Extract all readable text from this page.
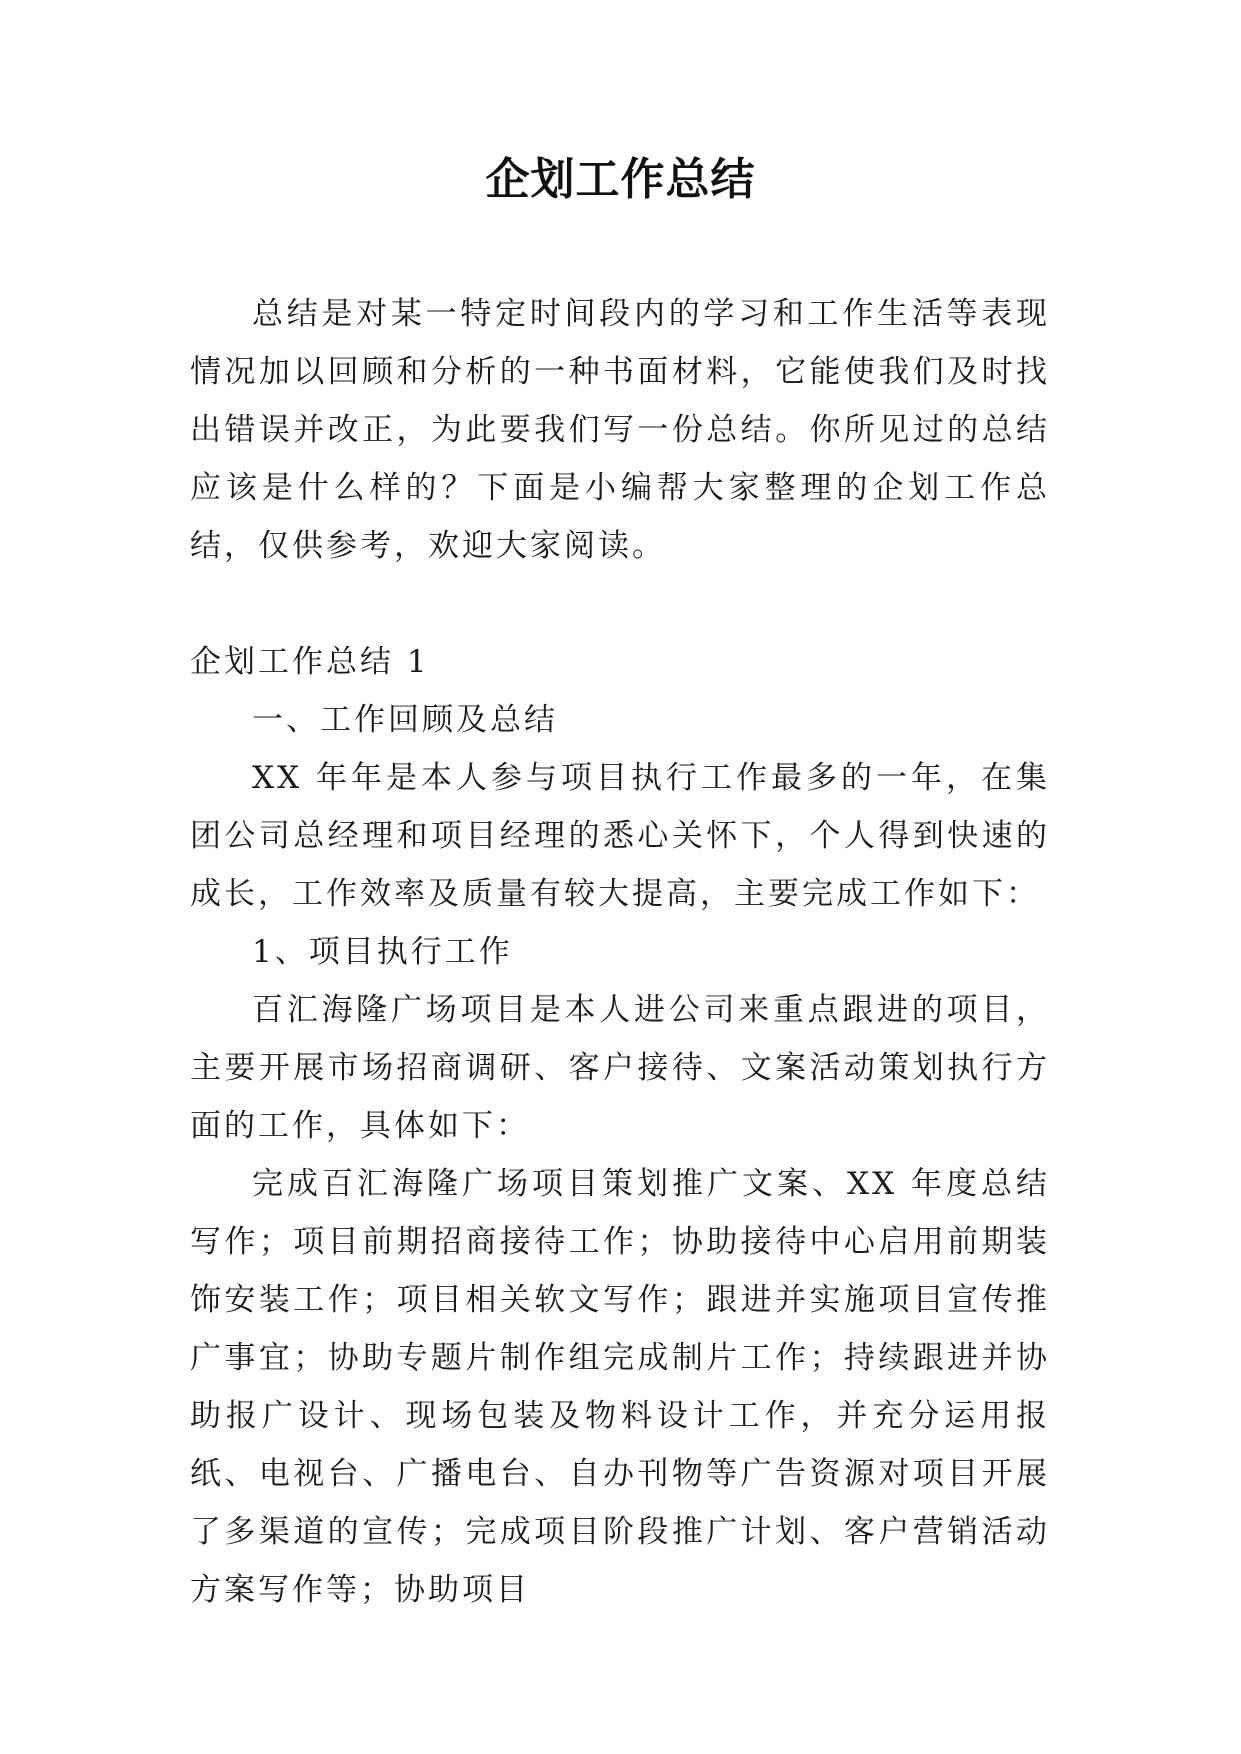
企划工作总结

总结是对某一特定时间段内的学习和工作生活等表现情况加以回顾和分析的一种书面材料，它能使我们及时找出错误并改正，为此要我们写一份总结。你所见过的总结应该是什么样的？下面是小编帮大家整理的企划工作总结，仅供参考，欢迎大家阅读。

企划工作总结 1

一、工作回顾及总结

XX 年年是本人参与项目执行工作最多的一年，在集团公司总经理和项目经理的悉心关怀下，个人得到快速的成长，工作效率及质量有较大提高，主要完成工作如下：

1、项目执行工作

百汇海隆广场项目是本人进公司来重点跟进的项目，主要开展市场招商调研、客户接待、文案活动策划执行方面的工作，具体如下：

完成百汇海隆广场项目策划推广文案、XX 年度总结写作；项目前期招商接待工作；协助接待中心启用前期装饰安装工作；项目相关软文写作；跟进并实施项目宣传推广事宜；协助专题片制作组完成制片工作；持续跟进并协助报广设计、现场包装及物料设计工作，并充分运用报纸、电视台、广播电台、自办刊物等广告资源对项目开展了多渠道的宣传；完成项目阶段推广计划、客户营销活动方案写作等；协助项目
